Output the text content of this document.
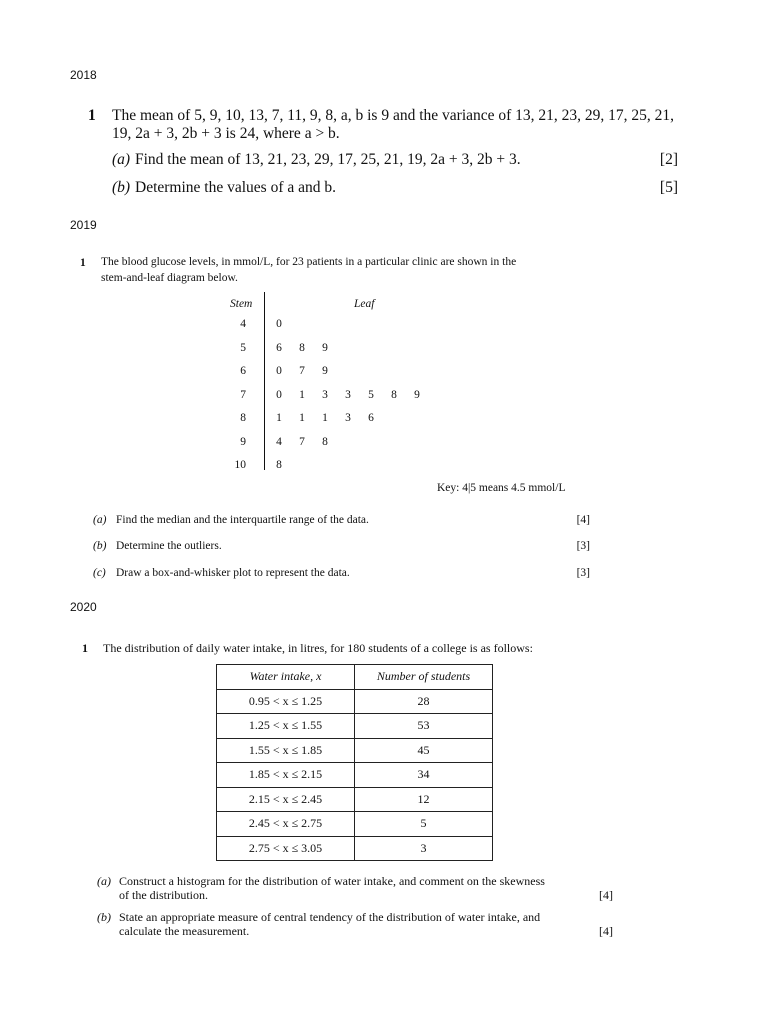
2018
1 The mean of 5, 9, 10, 13, 7, 11, 9, 8, a, b is 9 and the variance of 13, 21, 23, 29, 17, 25, 21,
19, 2a + 3, 2b + 3 is 24, where a > b.
(a) Find the mean of 13, 21, 23, 29, 17, 25, 21, 19, 2a + 3, 2b + 3.	[2]
(b) Determine the values of a and b.	[5]
2019
1 The blood glucose levels, in mmol/L, for 23 patients in a particular clinic are shown in the
stem-and-leaf diagram below.
Stem	Leaf
4	0
5	6 8 9
6	0 7 9
7	0 1 3 3 5 8 9
8	1 1 1 3 6
9	4 7 8
10	8
Key: 4|5 means 4.5 mmol/L
(a) Find the median and the interquartile range of the data.	[4]
(b) Determine the outliers.	[3]
(c) Draw a box-and-whisker plot to represent the data.	[3]
2020
1 The distribution of daily water intake, in litres, for 180 students of a college is as follows:
Water intake, x	Number of students
0.95 < x ≤ 1.25	28
1.25 < x ≤ 1.55	53
1.55 < x ≤ 1.85	45
1.85 < x ≤ 2.15	34
2.15 < x ≤ 2.45	12
2.45 < x ≤ 2.75	5
2.75 < x ≤ 3.05	3
(a) Construct a histogram for the distribution of water intake, and comment on the skewness
of the distribution.	[4]
(b) State an appropriate measure of central tendency of the distribution of water intake, and
calculate the measurement.	[4]
